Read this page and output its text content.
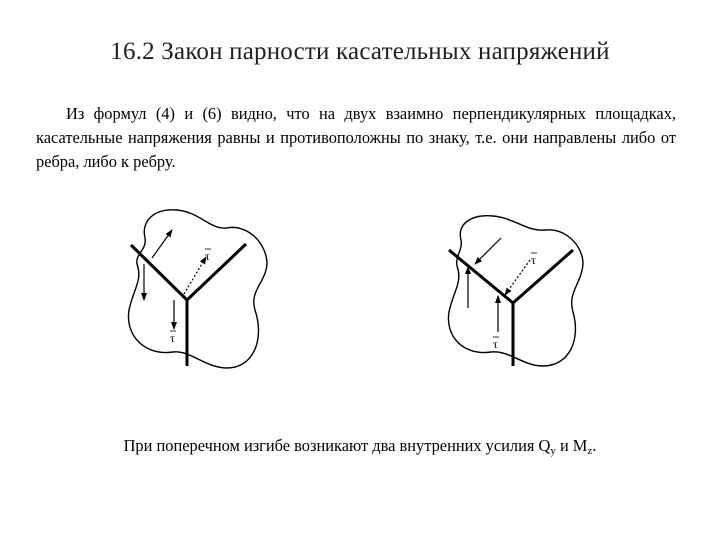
16.2 Закон парности касательных напряжений
Из формул (4) и (6) видно, что на двух взаимно перпендикулярных площадках, касательные напряжения равны и противоположны по знаку, т.е. они направлены либо от ребра, либо к ребру.
τ
τ
τ
τ
При поперечном изгибе возникают два внутренних усилия $Q_y$ и $M_z$.
